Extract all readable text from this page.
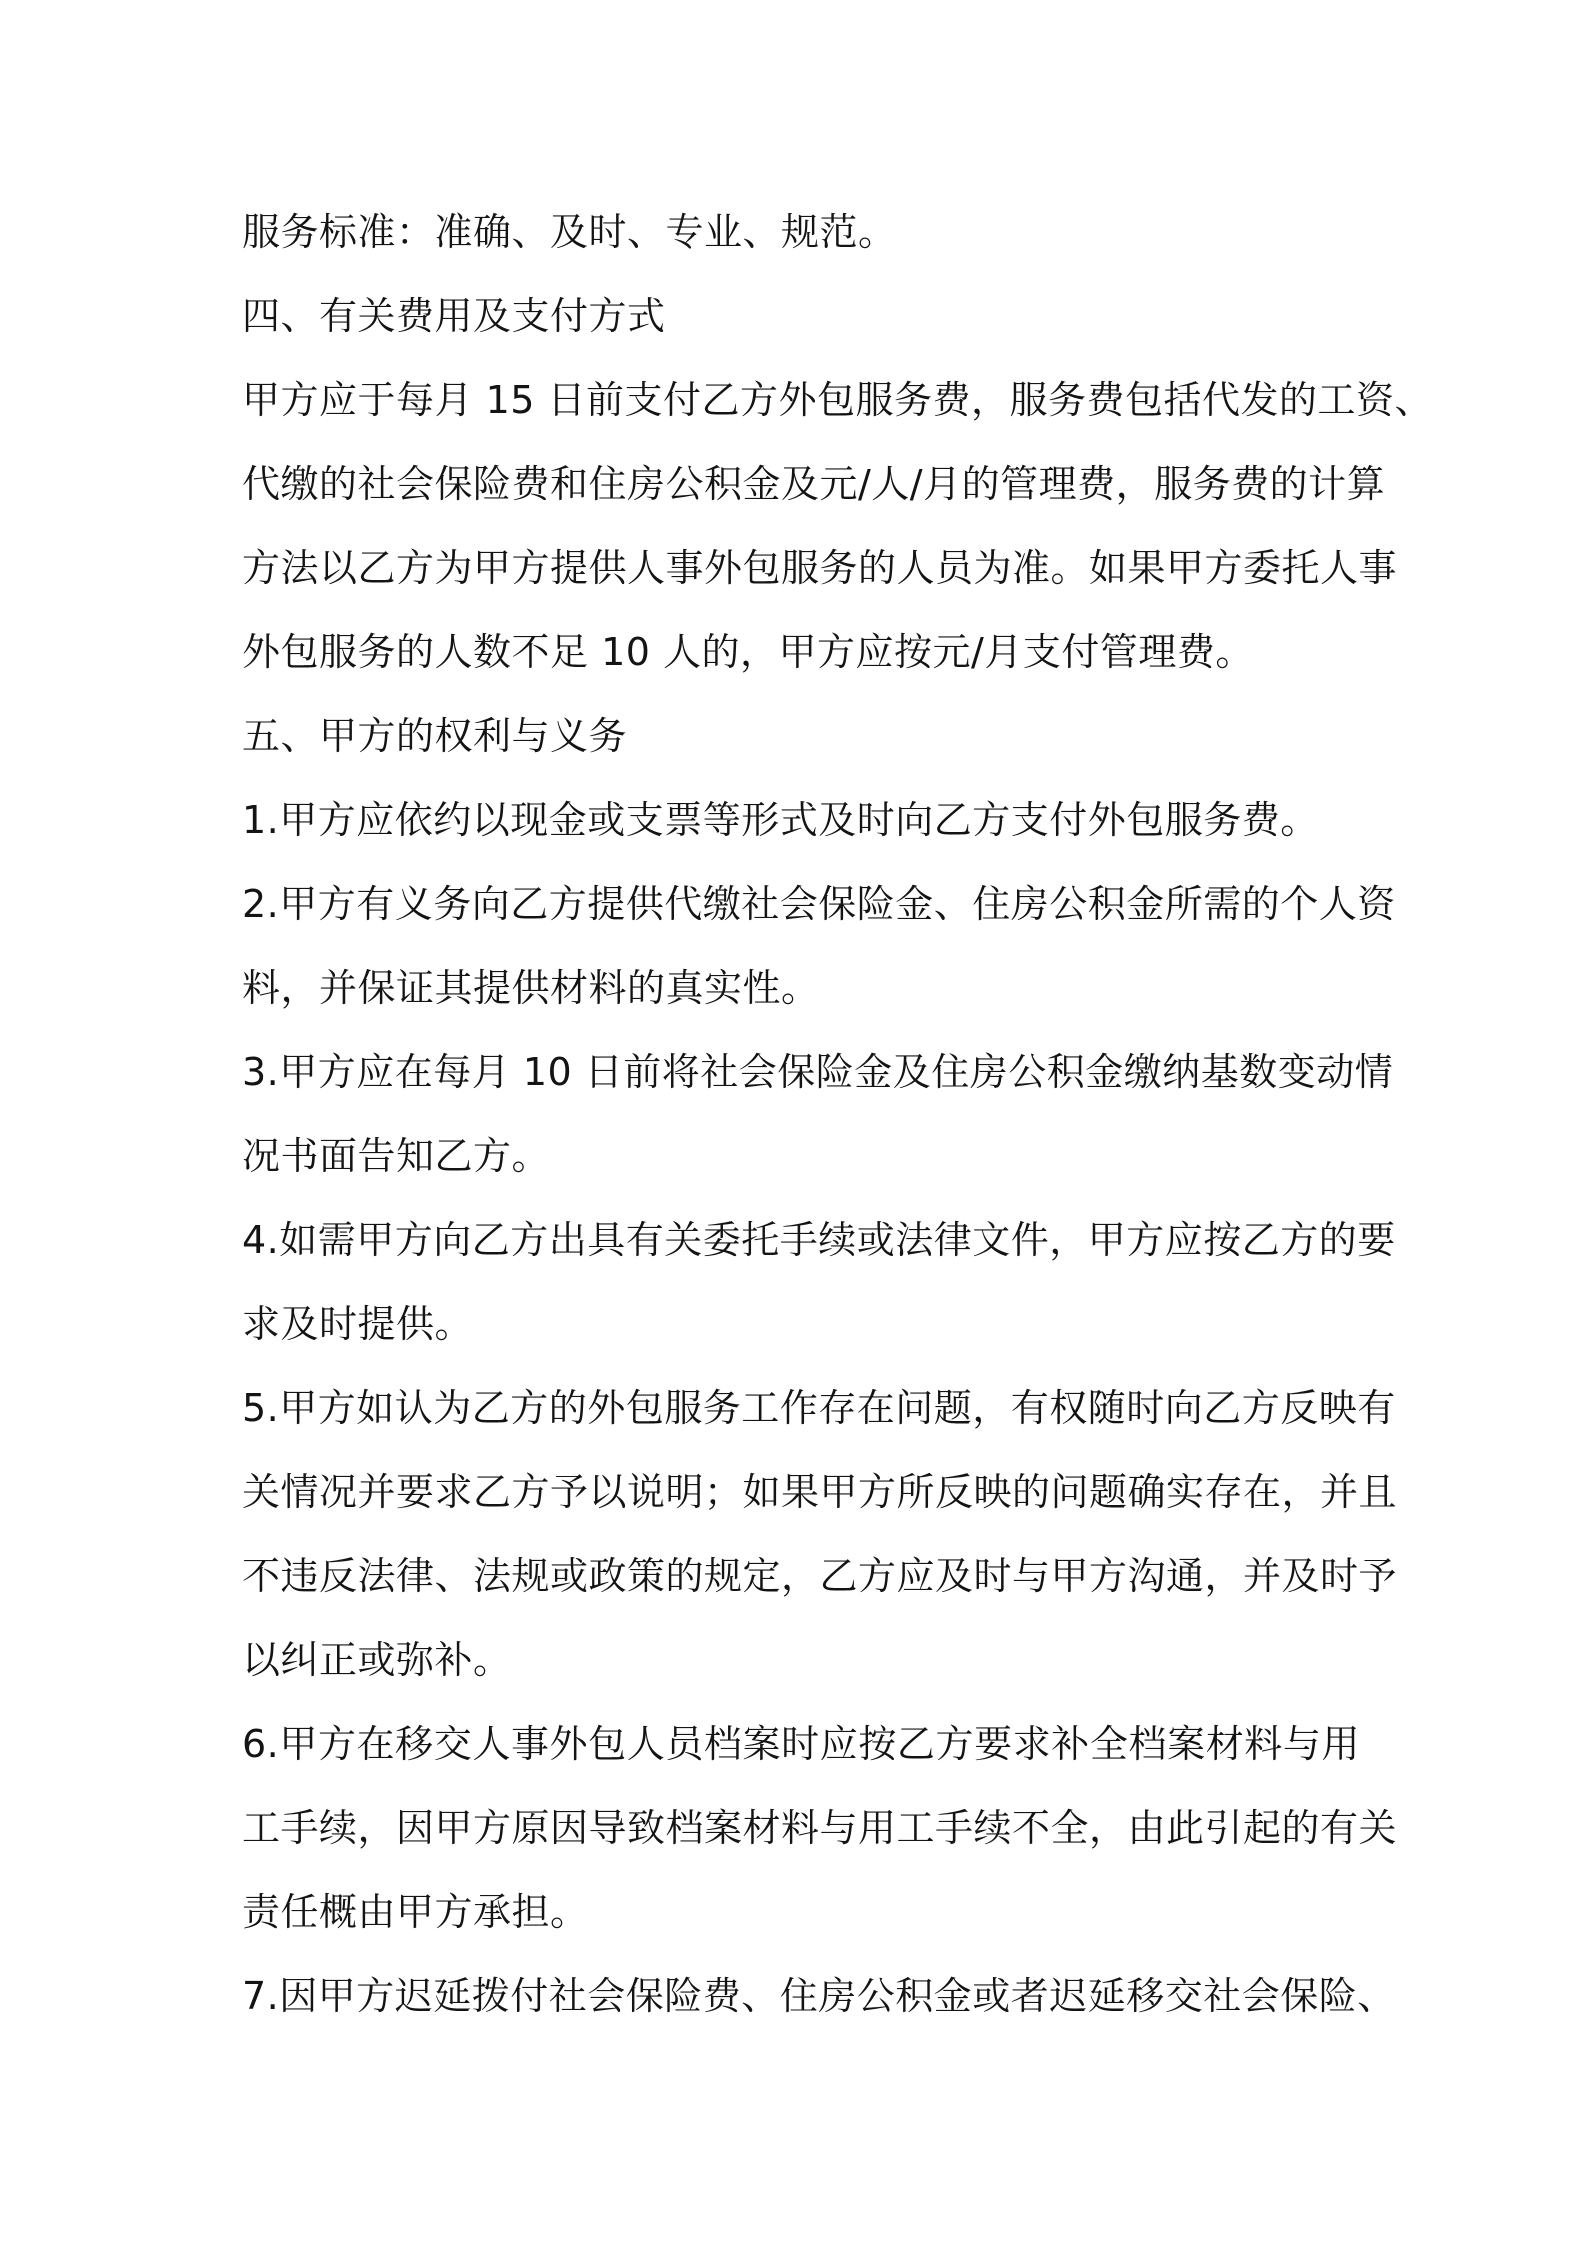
服务标准：准确、及时、专业、规范。
四、有关费用及支付方式
甲方应于每月 15 日前支付乙方外包服务费，服务费包括代发的工资、
代缴的社会保险费和住房公积金及元/人/月的管理费，服务费的计算
方法以乙方为甲方提供人事外包服务的人员为准。如果甲方委托人事
外包服务的人数不足 10 人的，甲方应按元/月支付管理费。
五、甲方的权利与义务
1.甲方应依约以现金或支票等形式及时向乙方支付外包服务费。
2.甲方有义务向乙方提供代缴社会保险金、住房公积金所需的个人资
料，并保证其提供材料的真实性。
3.甲方应在每月 10 日前将社会保险金及住房公积金缴纳基数变动情
况书面告知乙方。
4.如需甲方向乙方出具有关委托手续或法律文件，甲方应按乙方的要
求及时提供。
5.甲方如认为乙方的外包服务工作存在问题，有权随时向乙方反映有
关情况并要求乙方予以说明；如果甲方所反映的问题确实存在，并且
不违反法律、法规或政策的规定，乙方应及时与甲方沟通，并及时予
以纠正或弥补。
6.甲方在移交人事外包人员档案时应按乙方要求补全档案材料与用
工手续，因甲方原因导致档案材料与用工手续不全，由此引起的有关
责任概由甲方承担。
7.因甲方迟延拨付社会保险费、住房公积金或者迟延移交社会保险、
